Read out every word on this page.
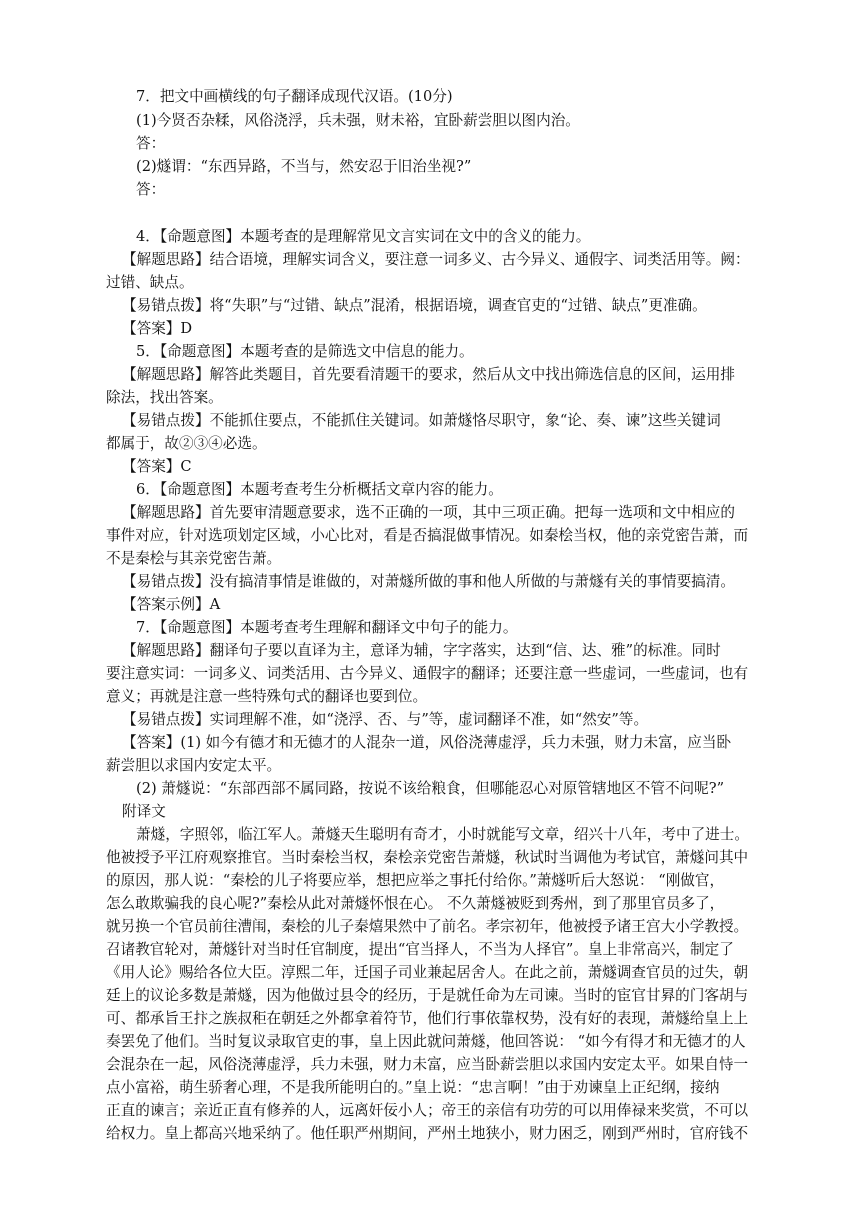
7．把文中画横线的句子翻译成现代汉语。(10分)
(1)今贤否杂糅，风俗浇浮，兵未强，财未裕，宜卧薪尝胆以图内治。
答：
(2)燧谓：“东西异路，不当与，然安忍于旧治坐视?”
答：
4．【命题意图】本题考查的是理解常见文言实词在文中的含义的能力。
【解题思路】结合语境，理解实词含义，要注意一词多义、古今异义、通假字、词类活用等。阙：
过错、缺点。
【易错点拨】将“失职”与“过错、缺点”混淆，根据语境，调查官吏的“过错、缺点”更准确。
【答案】D
5．【命题意图】本题考查的是筛选文中信息的能力。
【解题思路】解答此类题目，首先要看清题干的要求，然后从文中找出筛选信息的区间，运用排
除法，找出答案。
【易错点拨】不能抓住要点，不能抓住关键词。如萧燧恪尽职守，象“论、奏、谏”这些关键词
都属于，故②③④必选。
【答案】C
6．【命题意图】本题考查考生分析概括文章内容的能力。
【解题思路】首先要审清题意要求，选不正确的一项，其中三项正确。把每一选项和文中相应的
事件对应，针对选项划定区域，小心比对，看是否搞混做事情况。如秦桧当权，他的亲党密告萧，而
不是秦桧与其亲党密告萧。
【易错点拨】没有搞清事情是谁做的，对萧燧所做的事和他人所做的与萧燧有关的事情要搞清。
【答案示例】A
7．【命题意图】本题考查考生理解和翻译文中句子的能力。
【解题思路】翻译句子要以直译为主，意译为辅，字字落实，达到“信、达、雅”的标准。同时
要注意实词：一词多义、词类活用、古今异义、通假字的翻译；还要注意一些虚词，一些虚词，也有
意义；再就是注意一些特殊句式的翻译也要到位。
【易错点拨】实词理解不准，如“浇浮、否、与”等，虚词翻译不准，如“然安”等。
【答案】(1) 如今有德才和无德才的人混杂一道，风俗浇薄虚浮，兵力未强，财力未富，应当卧
薪尝胆以求国内安定太平。
(2) 萧燧说：“东部西部不属同路，按说不该给粮食，但哪能忍心对原管辖地区不管不问呢?”
附译文
萧燧，字照邻，临江军人。萧燧天生聪明有奇才，小时就能写文章，绍兴十八年，考中了进士。
他被授予平江府观察推官。当时秦桧当权，秦桧亲党密告萧燧，秋试时当调他为考试官，萧燧问其中
的原因，那人说：“秦桧的儿子将要应举，想把应举之事托付给你。”萧燧听后大怒说： “刚做官，
怎么敢欺骗我的良心呢?”秦桧从此对萧燧怀恨在心。 不久萧燧被贬到秀州，到了那里官员多了，
就另换一个官员前往漕闱，秦桧的儿子秦熺果然中了前名。孝宗初年，他被授予诸王宫大小学教授。
召诸教官轮对，萧燧针对当时任官制度，提出“官当择人，不当为人择官”。皇上非常高兴，制定了
《用人论》赐给各位大臣。淳熙二年，迁国子司业兼起居舍人。在此之前，萧燧调查官员的过失，朝
廷上的议论多数是萧燧，因为他做过县令的经历，于是就任命为左司谏。当时的宦官甘昪的门客胡与
可、都承旨王抃之族叔秬在朝廷之外都拿着符节，他们行事依靠权势，没有好的表现，萧燧给皇上上
奏罢免了他们。当时复议录取官吏的事，皇上因此就问萧燧，他回答说： “如今有得才和无德才的人
会混杂在一起，风俗浇薄虚浮，兵力未强，财力未富，应当卧薪尝胆以求国内安定太平。如果自恃一
点小富裕，萌生骄奢心理，不是我所能明白的。”皇上说：“忠言啊！”由于劝谏皇上正纪纲，接纳
正直的谏言；亲近正直有修养的人，远离奸佞小人；帝王的亲信有功劳的可以用俸禄来奖赏，不可以
给权力。皇上都高兴地采纳了。他任职严州期间，严州土地狭小，财力困乏，刚到严州时，官府钱不
